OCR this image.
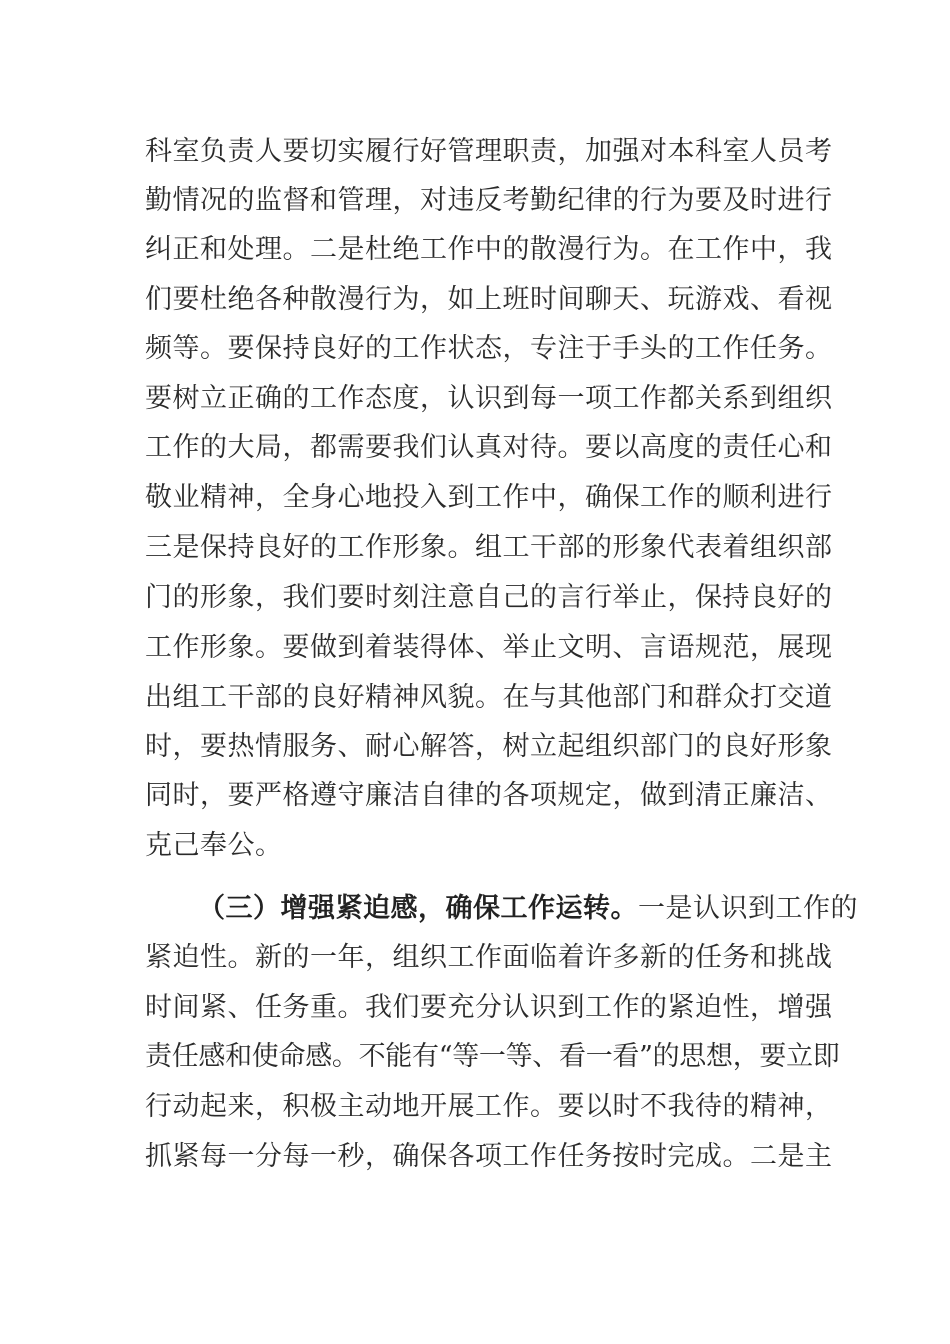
科室负责人要切实履行好管理职责，加强对本科室人员考
勤情况的监督和管理，对违反考勤纪律的行为要及时进行
纠正和处理。二是杜绝工作中的散漫行为。在工作中，我
们要杜绝各种散漫行为，如上班时间聊天、玩游戏、看视
频等。要保持良好的工作状态，专注于手头的工作任务。
要树立正确的工作态度，认识到每一项工作都关系到组织
工作的大局，都需要我们认真对待。要以高度的责任心和
敬业精神，全身心地投入到工作中，确保工作的顺利进行
三是保持良好的工作形象。组工干部的形象代表着组织部
门的形象，我们要时刻注意自己的言行举止，保持良好的
工作形象。要做到着装得体、举止文明、言语规范，展现
出组工干部的良好精神风貌。在与其他部门和群众打交道
时，要热情服务、耐心解答，树立起组织部门的良好形象
同时，要严格遵守廉洁自律的各项规定，做到清正廉洁、
克己奉公。
（三）增强紧迫感，确保工作运转。一是认识到工作的
紧迫性。新的一年，组织工作面临着许多新的任务和挑战
时间紧、任务重。我们要充分认识到工作的紧迫性，增强
责任感和使命感。不能有“等一等、看一看”的思想，要立即
行动起来，积极主动地开展工作。要以时不我待的精神，
抓紧每一分每一秒，确保各项工作任务按时完成。二是主
